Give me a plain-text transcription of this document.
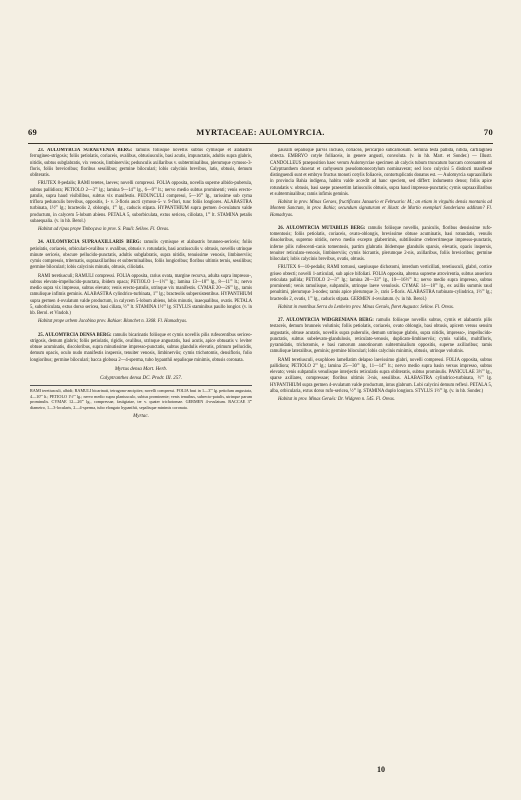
69	MYRTACEAE: AULOMYRCIA.	70

23. AULOMYRCIA SURAEVENIA BERG: ramulis foliisque novellis subtus cymisque et alabastris ferrugineo-strigosis; foliis petiolatis, coriaceis, ovalibus, obtusiusculis, basi acutis, impunctatis, adultis supra glabris, nitidis, subtus subglabratis, vix venosis, limbinerviis; pedunculis axillaribus v. subterminalibus, plerumque cymoso-3-floris, foliis brevioribus; floribus sessilibus; germine biloculari; lobis calycinis brevibus, latis, obtusis, demum obliteratis.

FRUTEX 8-pedalis; RAMI teretes, laeves; novelli compressi. FOLIA opposita, novella superne albido-puberula, subtus pallidiora; PETIOLO 2—3''' lg.; lamina 9—14''' lg., 6—9''' lt.; nervo medio subtus prominenti; venis erecto-patulis, supra haud visibilibus, subtus vix manifestis. PEDUNCULI compressi, 5—16''' lg., rarissime sub cyma triflora pedunculis brevibus, oppositis, 1- v. 3-floris aucti cymoso-5- v. 9-flori, tunc foliis longiores. ALABASTRA turbinata, 1½''' lg.; bracteolis 2, oblongis, 1''' lg., caducis stipata. HYPANTHIUM supra germen 4-ovulatum valde productum, in calycem 5-lobum abiens. PETALA 5, suborbiculata, extus sericea, ciliolata, 1''' lt. STAMINA petalis subaequalia. (v. in hb. Berol.)

Habitat ad ripas prope Tinboçava in prov. S. Pauli: Sellow. Fl. Oreas.

24. AULOMYRCIA SUPRAAXILLARIS BERG: ramulis cymisque et alabastris brunneo-sericeis; foliis petiolatis, coriaceis, orbiculari-ovalibus v. ovalibus, obtusis v. rotundatis, basi acutiusculis v. obtusis, novellis utrinque minute sericeis, obscure pellucido-punctatis, adultis subglabratis, supra nitidis, tenuissime venosis, limbinerviis; cymis compressis, triternatis, supraaxillaribus et subterminalibus, foliis longioribus; floribus ultimis ternis, sessilibus; germine biloculari; lobis calycinis minutis, obtusis, ciliolatis.

RAMI teretiusculi; RAMULI compressi. FOLIA opposita, rarius ovata, margine recurva, adulta supra impresso-, subtus elevato-impellucido-punctata, ibidem opaca; PETIOLO 1—1½''' lg.; lamina 13—18''' lg., 8—11''' lt.; nervo medio supra vix impresso, subtus elevato; venis erecto-patulis, utrinque vix manifestis. CYMAE 20—26''' lg., ramis ramulisque infimis geminis. ALABASTRA cylindrico-turbinata, 1''' lg.; bracteolis subpersistentibus. HYPANTHIUM supra germen 4-ovulatum valde productum, in calycem 5-lobum abiens, lobis minutis, inaequalibus, ovatis. PETALA 5, suborbiculata, extus dorso sericea, basi ciliata, ½''' lt. STAMINA 1½''' lg. STYLUS staminibus paullo longior. (v. in hb. Berol. et Vindob.)

Habitat prope urbem Jacobina prov. Bahiae: Blanchet n. 3368. Fl. Hamadryas.

25. AULOMYRCIA DENSA BERG: ramulis bicarinatis foliisque et cymis novellis pilis rufescentibus sericeo-strigosis, demum glabris; foliis petiolatis, rigidis, ovalibus, utrinque angustatis, basi acutis, apice obtusatis v. leviter obtuse acuminatis, discoloribus, supra minutissime impresso-punctatis, subtus glandulis elevatis, primum pellucidis, demum opacis, oculo nudo manifestis inspersis, tenuiter venosis, limbinerviis; cymis trichotomis, densifloris, folio longioribus; germine biloculari; bacca globosa 2—4-sperma, tubo hypanthii sepalisque minimis, obtusis coronata.

Myrtus densa Mart. Herb.
Calyptranthes densa DC. Prodr. III. 257.
RAMI teretiusculi, albidi; RAMULI bicarinati, tetragono-ancipites; novelli compressi. FOLIA basi in 1—3''' lg. petiolum angustata, 4—10''' lt.; PETIOLO 1½''' lg.; nervo medio supra planiusculo, subtus prominente; venis tenuibus, subrecto-patulis, utrinque parum prominulis. CYMAE 12—26''' lg., compressae, fastigiatae, ter v. quater trichotomae. GERMEN 4-ovulatum. BACCAE 3''' diametro, 1—3-locularis, 2—4-sperma, tubo elongato hypanthii, sepalisque minimis coronata.
Myrtac.

pauxilli sepalisque parvis incluso, coriacea, pericarpio subcarnosum. Semina testa pallida, nitida, cartilaginea obtecta. EMBRYO cotyle folliaceis, in genere angusti, convoluta. (v. in hb. Mart. et Sonder.) — Illustr. CANDOLLEUS praeposition haec verum Aulomyrciae specimen ab calycis tubum truncatum baccam coronantem ad Calyptranthem duxerat et carhyseum pseudomonocotylum nominaverat; sed loco culycini 5 distincti manifeste distinguendi sunt et embryo fructus monoti cotylis foliaceis, contortuplicatis donatus est. — Aulomyrcia supraaxillaris in provincia Bahia indigena, habitu valde accedit ad hanc speciem, sed differt: indumento denso; foliis apice rotundatis v. obtusis, basi saepe praesertim latiusculis obtusis, supra haud impresso-punctatis; cymis supraaxillaribus et subterminalibus; ramis infimis geminis.

Habitat in prov. Minas Geraes, fructificans Januario et Februario: M.; an etiam in virgultis densis montanis ad Montem Sanctum, in prov. Bahia; secundum signaturam et illustr. de Martio exemplari Sonderiano additam? Fl. Hamadryas.

26. AULOMYRCIA MUTABILIS BERG: ramulis foliisque novellis, paniculis, floribus densissime rufo-tomentosis; foliis petiolatis, coriaceis, ovato-oblongis, brevissime obtuse acuminatis, basi rotundatis, venulis dissoloribus, supremo nitidis, nervo medio excepto glaberrimis, subtilissime crebrerrimeque impresso-punctatis, inferne pilis rufescenti-canis tomentosis, partim glabratis ibidemque glandulis sparsis, elevatis, opacis inspersis, tenuiter reticulato-venosis, limbinerviis; cymis bicrantis, plerumque 2-nis, axillaribus, foliis brevioribus; germine biloculari; lobis calycinis brevibus, ovatis, obtusis.

FRUTEX 6—10-pedalis; RAMI tortuosi, saepiusque dichotomi, interdum verticillati, teretiusculi, glabri, cortice griseo obtecti; novelli 1-articulati, sub apice bifoliati. FOLIA opposita, alterna supreme atrovirentia, subtus anseriora reticulata pallida; PETIOLO 2—3''' lg.; lamina 20—33''' lg., 10—16½''' lt.; nervo medio supra impresso, subtus prominenti; venis ramulisque, subpatulis, utrinque laeve venulosis. CYMAE 14—18''' lg., ex axillis summis raud penultimi, plerumque 3-nodes; ramis apice plerumque 3-, raris 5-floris. ALABASTRA turbinato-cylindrica, 1½''' lg.; bracteolis 2, ovatis, 1''' lg., caducis stipata. GERMEN 4-ovulatum. (v. in hb. Berol.)

Habitat in montibus Serra do Lenheiro prov. Minas Geraës, floret Augusto: Sellow. Fl. Oreas.

27. AULOMYRCIA WIDGRENIANA BERG: ramulis foliisque novellis subtus, cymis et alabastris pilis testaceis, demum brunneis volutinis; foliis petiolatis, coriaceis, ovato oblongis, basi obtusis, apicem versus sensim angustatis, obtuse acutatis, novellis supra puberulis, demum utrinque glabris, supra nitidis, impresso-, impellucido-punctatis, subtus subelevato-glandulosis, reticulato-venosis, duplicato-limbinerviis; cymis validis, multifloris, pyramidatis, trichotomis, e basi ramorum annotinorum subterminalium oppositis, superne axillaribus; ramis ramulisque lateralibus, geminis; germine biloculari; lobis calycinis minimis, obtusis, utrinque volutinis.

RAMI teretiusculi, exophloeo lamellatim delapso laevissimo glabri, novelli compressi. FOLIA opposita, subtus pallidiora; PETIOLO 2''' lg.; lamina 25—30''' lg., 11—14''' lt.; nervo medio supra basin versus impresso, subtus elevato; venis subpatulis venulisque interjectis reticulatis supra obliteratis, subtus prominulis. PANICULAE 3½''' lg., sparse axillares, compressae; floribus ultimis 3-nis, sessilibus. ALABASTRA cylindrico-turbinata, ½''' lg. HYPANTHIUM supra germen 4-ovulatum valde productum, intus glabrum. Lobi calycini demum reflexi. PETALA 5, alba, orbicularia, extus dorso rufo-sericea, ½''' lg. STAMINA duplo longiora. STYLUS 1½''' lg. (v. in hb. Sonder.)

Habitat in prov. Minas Geraës: Dr. Widgren n. 545. Fl. Oreas.

10
